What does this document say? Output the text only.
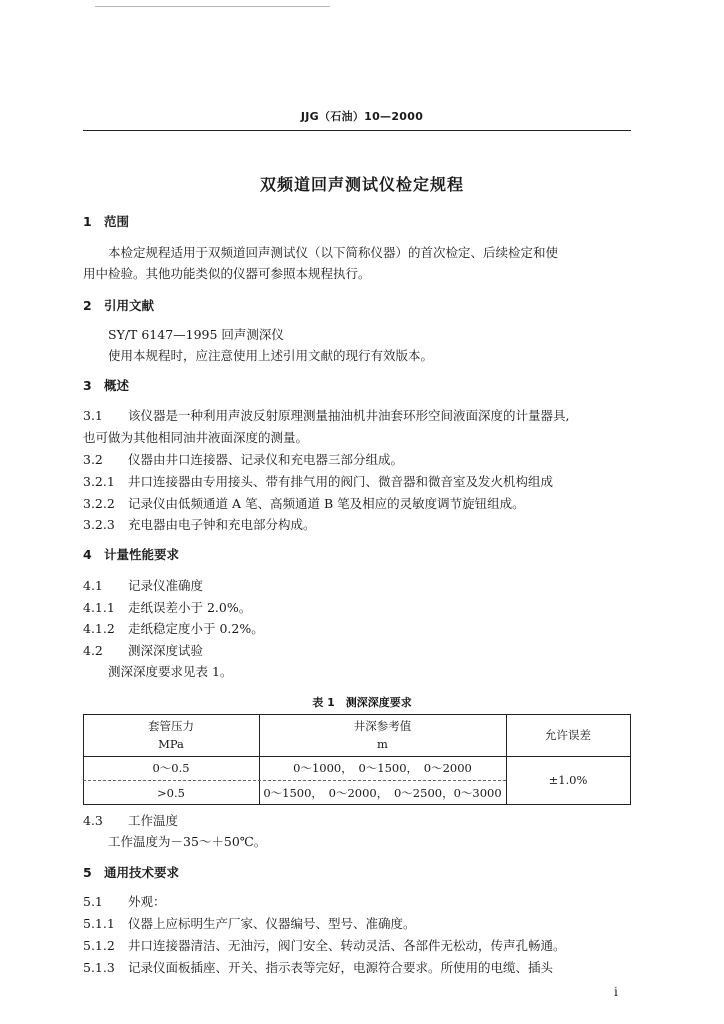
JJG（石油）10—2000
双频道回声测试仪检定规程
1 范围
本检定规程适用于双频道回声测试仪（以下简称仪器）的首次检定、后续检定和使
用中检验。其他功能类似的仪器可参照本规程执行。
2 引用文献
SY/T 6147—1995 回声测深仪
使用本规程时，应注意使用上述引用文献的现行有效版本。
3 概述
3.1 该仪器是一种利用声波反射原理测量抽油机井油套环形空间液面深度的计量器具,
也可做为其他相同油井液面深度的测量。
3.2 仪器由井口连接器、记录仪和充电器三部分组成。
3.2.1 井口连接器由专用接头、带有排气用的阀门、微音器和微音室及发火机构组成
3.2.2 记录仪由低频通道 A 笔、高频通道 B 笔及相应的灵敏度调节旋钮组成。
3.2.3 充电器由电子钟和充电部分构成。
4 计量性能要求
4.1 记录仪准确度
4.1.1 走纸误差小于 2.0%。
4.1.2 走纸稳定度小于 0.2%。
4.2 测深深度试验
测深深度要求见表 1。
表 1　测深深度要求
套管压力
MPa
井深参考值
m
允许误差
0～0.5	0～1000，　0～1500，　0～2000
>0.5	0～1500，　0～2000，　0～2500，0～3000
±1.0%
4.3 工作温度
工作温度为－35～＋50℃。
5 通用技术要求
5.1 外观：
5.1.1 仪器上应标明生产厂家、仪器编号、型号、准确度。
5.1.2 井口连接器清洁、无油污，阀门安全、转动灵活、各部件无松动，传声孔畅通。
5.1.3 记录仪面板插座、开关、指示表等完好，电源符合要求。所使用的电缆、插头
i
